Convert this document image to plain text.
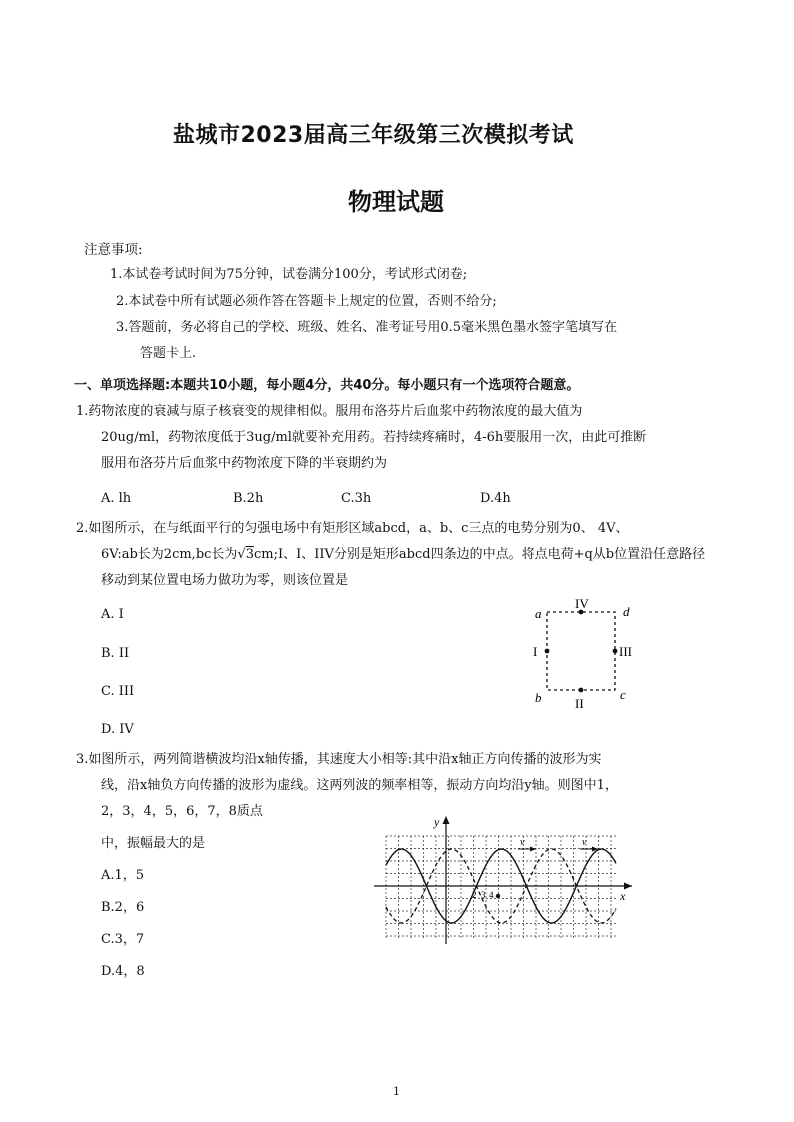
盐城市2023届高三年级第三次模拟考试
物理试题
注意事项:
1.本试卷考试时间为75分钟，试卷满分100分，考试形式闭卷;
2.本试卷中所有试题必须作答在答题卡上规定的位置，否则不给分;
3.答题前，务必将自己的学校、班级、姓名、准考证号用0.5毫米黑色墨水签字笔填写在
答题卡上.
一、单项选择题:本题共10小题，每小题4分，共40分。每小题只有一个选项符合题意。
1.药物浓度的衰减与原子核衰变的规律相似。服用布洛芬片后血浆中药物浓度的最大值为
20ug/ml，药物浓度低于3ug/ml就要补充用药。若持续疼痛时，4-6h要服用一次，由此可推断
服用布洛芬片后血浆中药物浓度下降的半衰期约为
A. lh	B.2h	C.3h	D.4h
2.如图所示，在与纸面平行的匀强电场中有矩形区域abcd，a、b、c三点的电势分别为0、 4V、
6V:ab长为2cm,bc长为√3cm;I、I、IIV分别是矩形abcd四条边的中点。将点电荷+q从b位置沿任意路径
移动到某位置电场力做功为零，则该位置是
A. I
B. II
C. III
D. IV
a	d
b	c
IV
I	III
II
3.如图所示，两列简谐横波均沿x轴传播，其速度大小相等:其中沿x轴正方向传播的波形为实
线，沿x轴负方向传播的波形为虚线。这两列波的频率相等，振动方向均沿y轴。则图中1，
2，3，4，5，6，7，8质点
中，振幅最大的是
A.1，5
B.2，6
C.3，7
D.4，8
y
x
v	v
2 3 4
1
